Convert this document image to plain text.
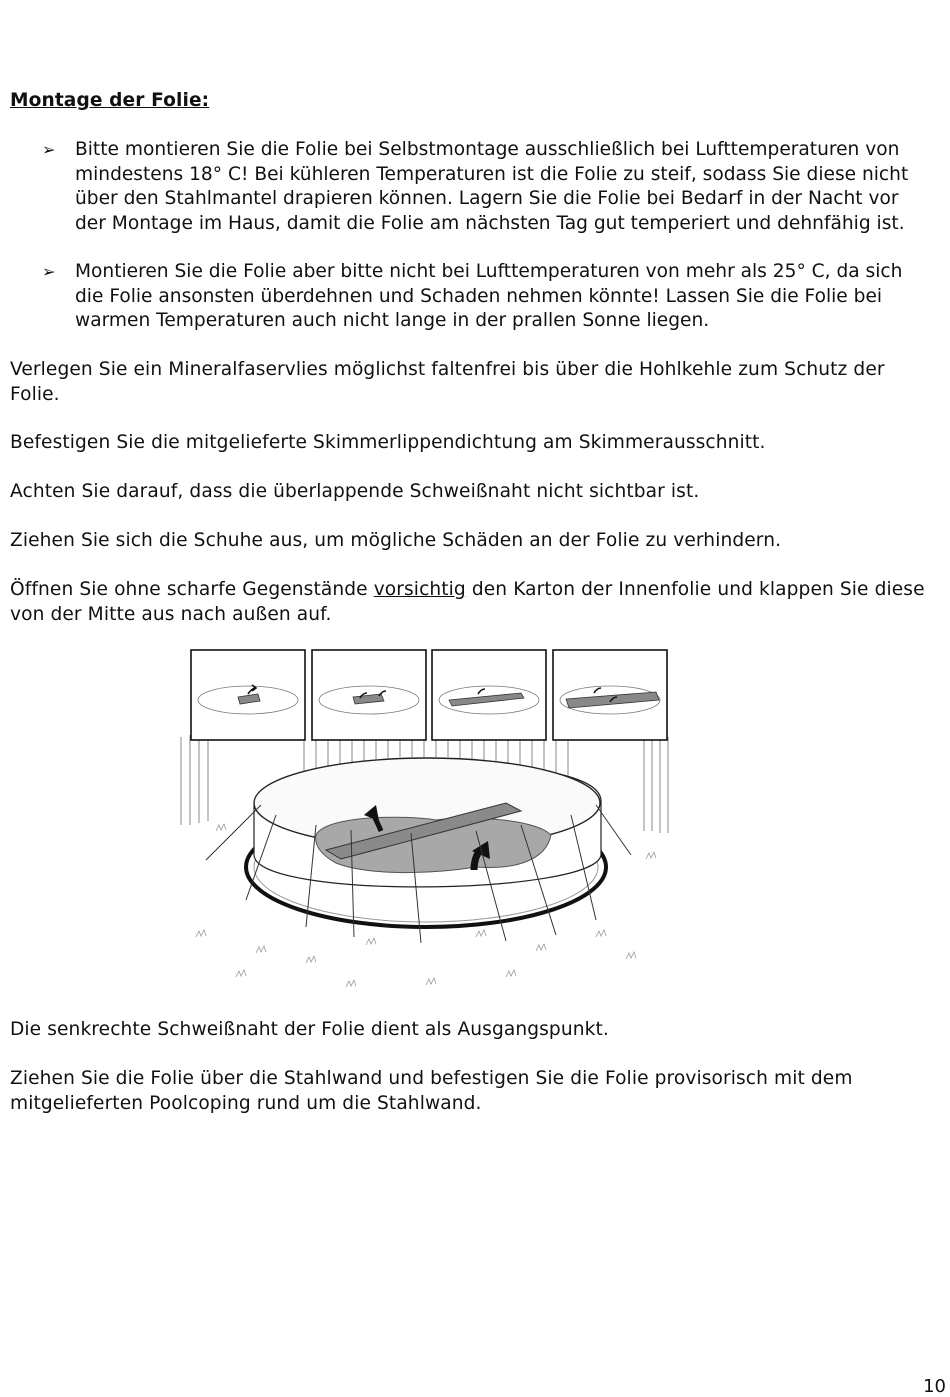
Montage der Folie:

➢ Bitte montieren Sie die Folie bei Selbstmontage ausschließlich bei Lufttemperaturen von

mindestens 18° C! Bei kühleren Temperaturen ist die Folie zu steif, sodass Sie diese nicht

über den Stahlmantel drapieren können. Lagern Sie die Folie bei Bedarf in der Nacht vor

der Montage im Haus, damit die Folie am nächsten Tag gut temperiert und dehnfähig ist.

➢ Montieren Sie die Folie aber bitte nicht bei Lufttemperaturen von mehr als 25° C, da sich

die Folie ansonsten überdehnen und Schaden nehmen könnte! Lassen Sie die Folie bei

warmen Temperaturen auch nicht lange in der prallen Sonne liegen.

Verlegen Sie ein Mineralfaservlies möglichst faltenfrei bis über die Hohlkehle zum Schutz der

Folie.

Befestigen Sie die mitgelieferte Skimmerlippendichtung am Skimmerausschnitt.

Achten Sie darauf, dass die überlappende Schweißnaht nicht sichtbar ist.

Ziehen Sie sich die Schuhe aus, um mögliche Schäden an der Folie zu verhindern.

Öffnen Sie ohne scharfe Gegenstände vorsichtig den Karton der Innenfolie und klappen Sie diese

von der Mitte aus nach außen auf.

Die senkrechte Schweißnaht der Folie dient als Ausgangspunkt.

Ziehen Sie die Folie über die Stahlwand und befestigen Sie die Folie provisorisch mit dem

mitgelieferten Poolcoping rund um die Stahlwand.

10
